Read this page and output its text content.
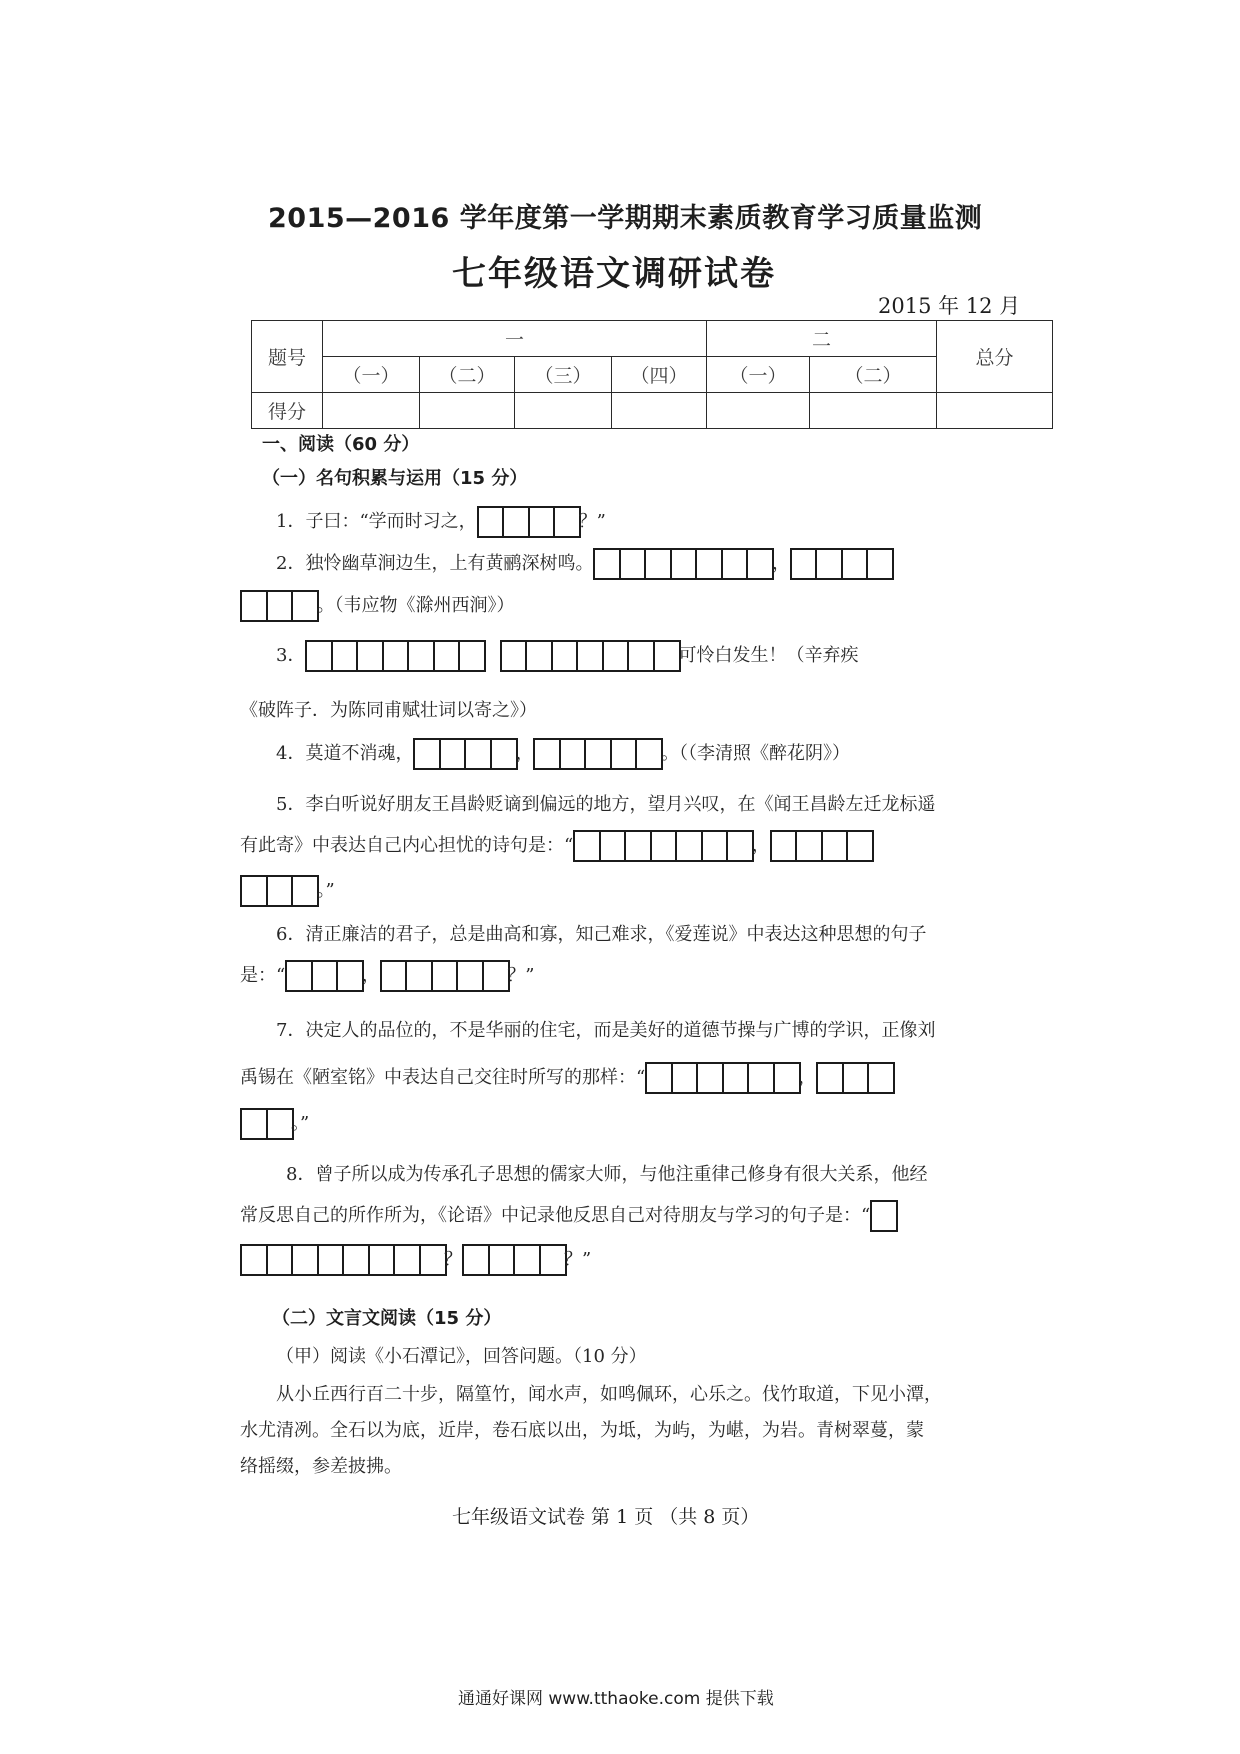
2015—2016 学年度第一学期期末素质教育学习质量监测
七年级语文调研试卷
2015 年 12 月
题号	一				二		总分
	（一）	（二）	（三）	（四）	（一）	（二）	
得分							
一、阅读（60 分）
（一）名句积累与运用（15 分）
1．子曰：“学而时习之，	？”
2．独怜幽草涧边生，上有黄鹂深树鸣。	，
。（韦应物《滁州西涧》）
3．	可怜白发生！（辛弃疾
《破阵子．为陈同甫赋壮词以寄之》）
4．莫道不消魂，	，	。（（李清照《醉花阴》）
5．李白听说好朋友王昌龄贬谪到偏远的地方，望月兴叹，在《闻王昌龄左迁龙标遥
有此寄》中表达自己内心担忧的诗句是：“	，
。”
6．清正廉洁的君子，总是曲高和寡，知己难求，《爱莲说》中表达这种思想的句子
是：“	，	？”
7．决定人的品位的，不是华丽的住宅，而是美好的道德节操与广博的学识，正像刘
禹锡在《陋室铭》中表达自己交往时所写的那样：“	，
。”
8．曾子所以成为传承孔子思想的儒家大师，与他注重律己修身有很大关系，他经
常反思自己的所作所为，《论语》中记录他反思自己对待朋友与学习的句子是：“
？	？”
（二）文言文阅读（15 分）
（甲）阅读《小石潭记》，回答问题。（10 分）
从小丘西行百二十步，隔篁竹，闻水声，如鸣佩环，心乐之。伐竹取道，下见小潭，
水尤清冽。全石以为底，近岸，卷石底以出，为坻，为屿，为嵁，为岩。青树翠蔓，蒙
络摇缀，参差披拂。
七年级语文试卷 第 1 页 （共 8 页）
通通好课网 www.tthaoke.com 提供下载
